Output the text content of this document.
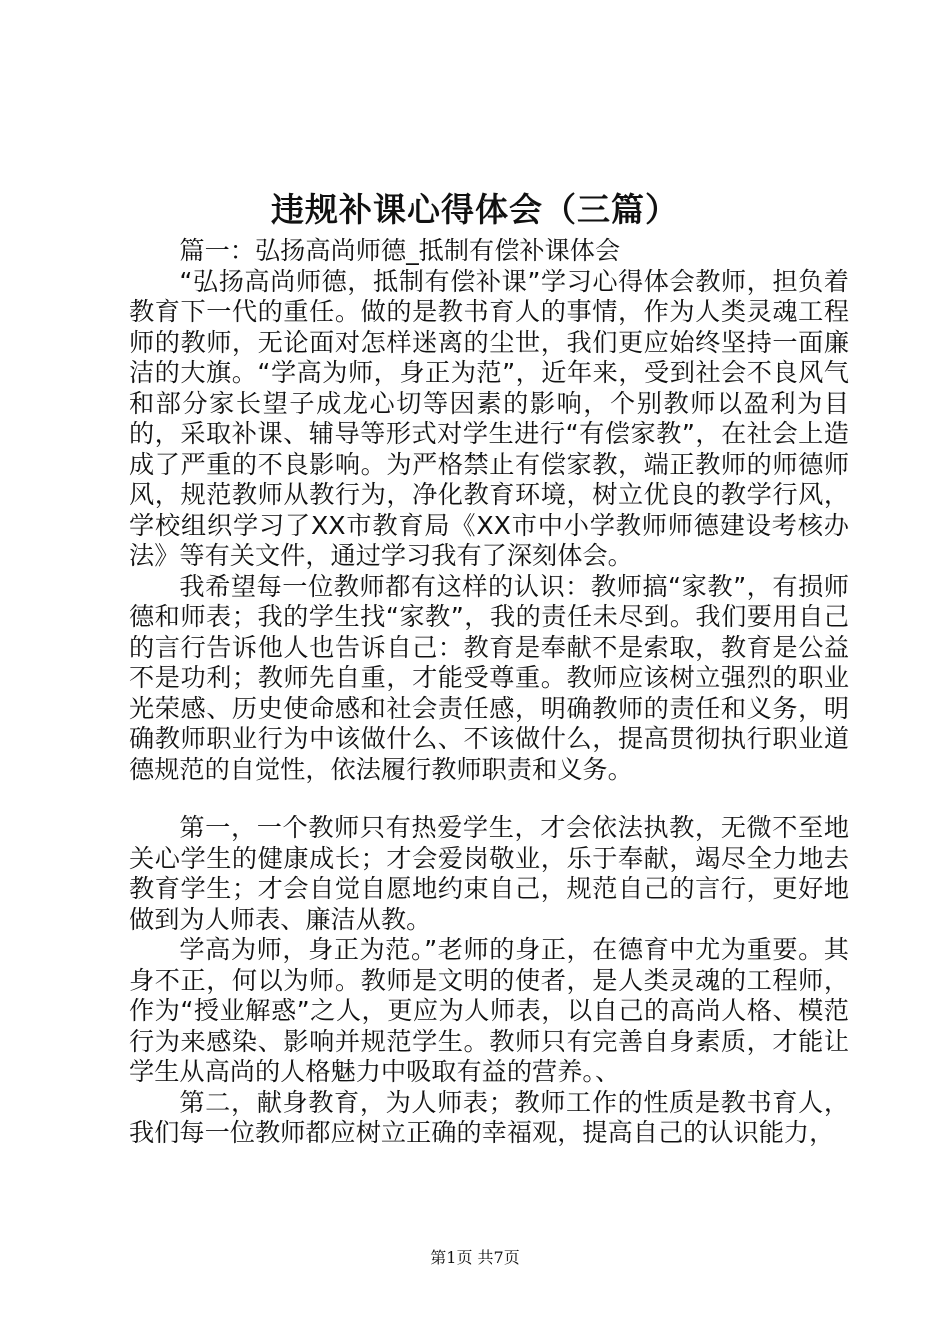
违规补课心得体会（三篇）

篇一：弘扬高尚师德_抵制有偿补课体会

“弘扬高尚师德，抵制有偿补课”学习心得体会教师，担负着教育下一代的重任。做的是教书育人的事情，作为人类灵魂工程师的教师，无论面对怎样迷离的尘世，我们更应始终坚持一面廉洁的大旗。“学高为师，身正为范”，近年来，受到社会不良风气和部分家长望子成龙心切等因素的影响，个别教师以盈利为目的，采取补课、辅导等形式对学生进行“有偿家教”，在社会上造成了严重的不良影响。为严格禁止有偿家教，端正教师的师德师风，规范教师从教行为，净化教育环境，树立优良的教学行风，学校组织学习了XX市教育局《XX市中小学教师师德建设考核办法》等有关文件，通过学习我有了深刻体会。

我希望每一位教师都有这样的认识：教师搞“家教”，有损师德和师表；我的学生找“家教”，我的责任未尽到。我们要用自己的言行告诉他人也告诉自己：教育是奉献不是索取，教育是公益不是功利；教师先自重，才能受尊重。教师应该树立强烈的职业光荣感、历史使命感和社会责任感，明确教师的责任和义务，明确教师职业行为中该做什么、不该做什么，提高贯彻执行职业道德规范的自觉性，依法履行教师职责和义务。

第一，一个教师只有热爱学生，才会依法执教，无微不至地关心学生的健康成长；才会爱岗敬业，乐于奉献，竭尽全力地去教育学生；才会自觉自愿地约束自己，规范自己的言行，更好地做到为人师表、廉洁从教。

学高为师，身正为范。”老师的身正，在德育中尤为重要。其身不正，何以为师。教师是文明的使者，是人类灵魂的工程师，作为“授业解惑”之人，更应为人师表，以自己的高尚人格、模范行为来感染、影响并规范学生。教师只有完善自身素质，才能让学生从高尚的人格魅力中吸取有益的营养。、

第二，献身教育，为人师表；教师工作的性质是教书育人，我们每一位教师都应树立正确的幸福观，提高自己的认识能力，

第1页 共7页
